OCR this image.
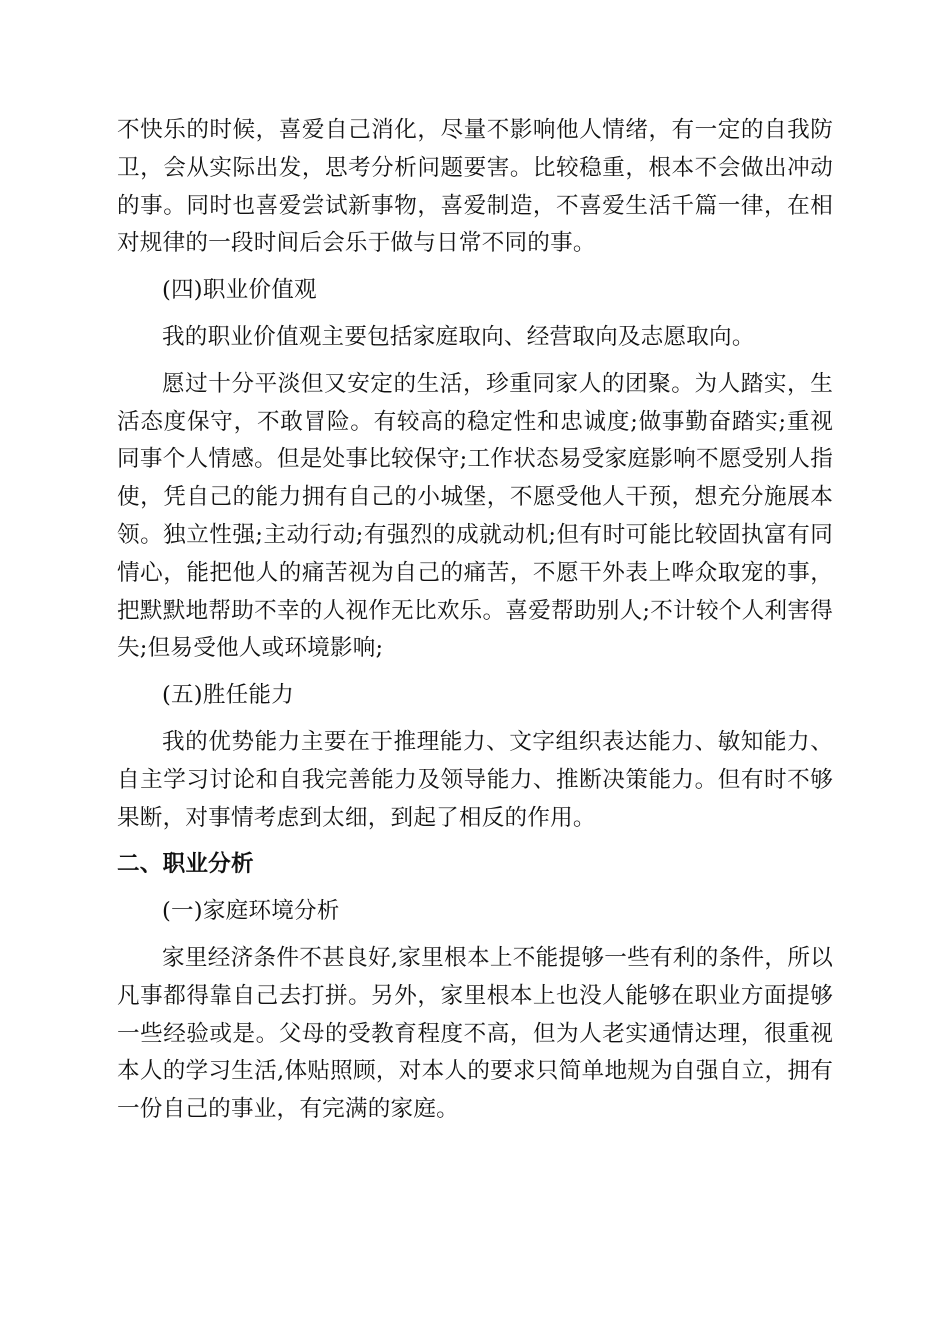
不快乐的时候，喜爱自己消化，尽量不影响他人情绪，有一定的自我防卫，会从实际出发，思考分析问题要害。比较稳重，根本不会做出冲动的事。同时也喜爱尝试新事物，喜爱制造，不喜爱生活千篇一律，在相对规律的一段时间后会乐于做与日常不同的事。

(四)职业价值观

我的职业价值观主要包括家庭取向、经营取向及志愿取向。

愿过十分平淡但又安定的生活，珍重同家人的团聚。为人踏实，生活态度保守，不敢冒险。有较高的稳定性和忠诚度;做事勤奋踏实;重视同事个人情感。但是处事比较保守;工作状态易受家庭影响不愿受别人指使，凭自己的能力拥有自己的小城堡，不愿受他人干预，想充分施展本领。独立性强;主动行动;有强烈的成就动机;但有时可能比较固执富有同情心，能把他人的痛苦视为自己的痛苦，不愿干外表上哗众取宠的事，把默默地帮助不幸的人视作无比欢乐。喜爱帮助别人;不计较个人利害得失;但易受他人或环境影响;

(五)胜任能力

我的优势能力主要在于推理能力、文字组织表达能力、敏知能力、自主学习讨论和自我完善能力及领导能力、推断决策能力。但有时不够果断，对事情考虑到太细，到起了相反的作用。

二、职业分析

(一)家庭环境分析

家里经济条件不甚良好,家里根本上不能提够一些有利的条件，所以凡事都得靠自己去打拼。另外，家里根本上也没人能够在职业方面提够一些经验或是。父母的受教育程度不高，但为人老实通情达理，很重视本人的学习生活,体贴照顾，对本人的要求只简单地规为自强自立，拥有一份自己的事业，有完满的家庭。
